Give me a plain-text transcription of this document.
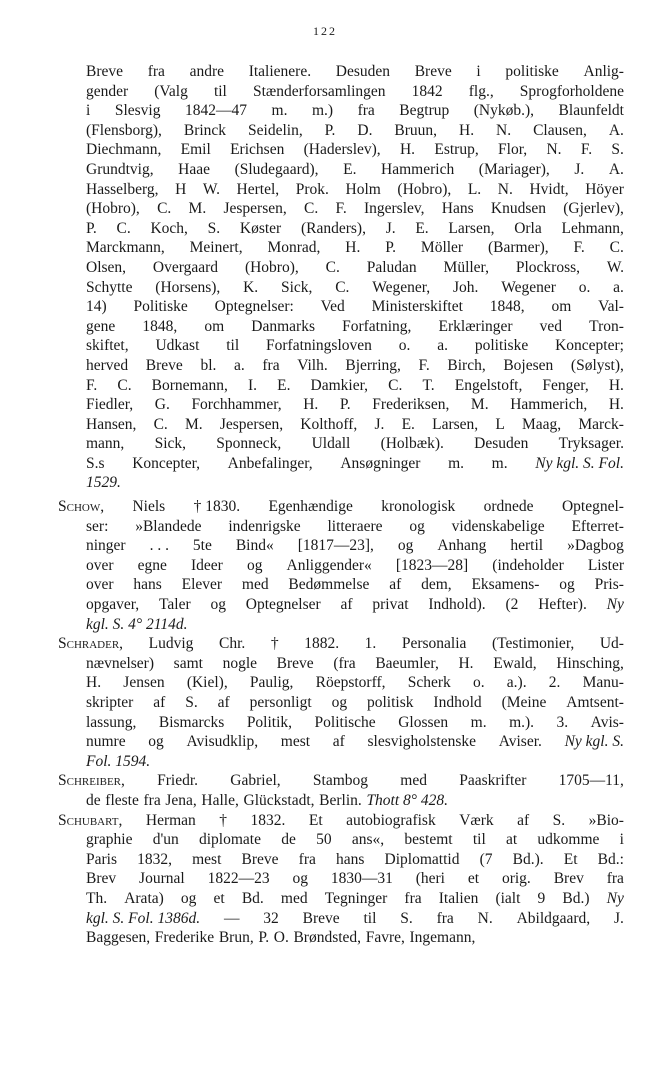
122
Breve fra andre Italienere. Desuden Breve i politiske Anlig-
gender (Valg til Stænderforsamlingen 1842 flg., Sprogforholdene
i Slesvig 1842—47 m. m.) fra Begtrup (Nykøb.), Blaunfeldt
(Flensborg), Brinck Seidelin, P. D. Bruun, H. N. Clausen, A.
Diechmann, Emil Erichsen (Haderslev), H. Estrup, Flor, N. F. S.
Grundtvig, Haae (Sludegaard), E. Hammerich (Mariager), J. A.
Hasselberg, H W. Hertel, Prok. Holm (Hobro), L. N. Hvidt, Höyer
(Hobro), C. M. Jespersen, C. F. Ingerslev, Hans Knudsen (Gjerlev),
P. C. Koch, S. Køster (Randers), J. E. Larsen, Orla Lehmann,
Marckmann, Meinert, Monrad, H. P. Möller (Barmer), F. C.
Olsen, Overgaard (Hobro), C. Paludan Müller, Plockross, W.
Schytte (Horsens), K. Sick, C. Wegener, Joh. Wegener o. a.
14) Politiske Optegnelser: Ved Ministerskiftet 1848, om Val-
gene 1848, om Danmarks Forfatning, Erklæringer ved Tron-
skiftet, Udkast til Forfatningsloven o. a. politiske Koncepter;
herved Breve bl. a. fra Vilh. Bjerring, F. Birch, Bojesen (Sølyst),
F. C. Bornemann, I. E. Damkier, C. T. Engelstoft, Fenger, H.
Fiedler, G. Forchhammer, H. P. Frederiksen, M. Hammerich, H.
Hansen, C. M. Jespersen, Kolthoff, J. E. Larsen, L Maag, Marck-
mann, Sick, Sponneck, Uldall (Holbæk). Desuden Tryksager.
S.s Koncepter, Anbefalinger, Ansøgninger m. m. Ny kgl. S. Fol.
1529.
Schow, Niels † 1830. Egenhændige kronologisk ordnede Optegnel-
ser: »Blandede indenrigske litteraere og videnskabelige Efterret-
ninger . . . 5te Bind« [1817—23], og Anhang hertil »Dagbog
over egne Ideer og Anliggender« [1823—28] (indeholder Lister
over hans Elever med Bedømmelse af dem, Eksamens- og Pris-
opgaver, Taler og Optegnelser af privat Indhold). (2 Hefter). Ny
kgl. S. 4° 2114d.
Schrader, Ludvig Chr. † 1882. 1. Personalia (Testimonier, Ud-
nævnelser) samt nogle Breve (fra Baeumler, H. Ewald, Hinsching,
H. Jensen (Kiel), Paulig, Röepstorff, Scherk o. a.). 2. Manu-
skripter af S. af personligt og politisk Indhold (Meine Amtsent-
lassung, Bismarcks Politik, Politische Glossen m. m.). 3. Avis-
numre og Avisudklip, mest af slesvigholstenske Aviser. Ny kgl. S.
Fol. 1594.
Schreiber, Friedr. Gabriel, Stambog med Paaskrifter 1705—11,
de fleste fra Jena, Halle, Glückstadt, Berlin. Thott 8° 428.
Schubart, Herman † 1832. Et autobiografisk Værk af S. »Bio-
graphie d'un diplomate de 50 ans«, bestemt til at udkomme i
Paris 1832, mest Breve fra hans Diplomattid (7 Bd.). Et Bd.:
Brev Journal 1822—23 og 1830—31 (heri et orig. Brev fra
Th. Arata) og et Bd. med Tegninger fra Italien (ialt 9 Bd.) Ny
kgl. S. Fol. 1386d. — 32 Breve til S. fra N. Abildgaard, J.
Baggesen, Frederike Brun, P. O. Brøndsted, Favre, Ingemann,
